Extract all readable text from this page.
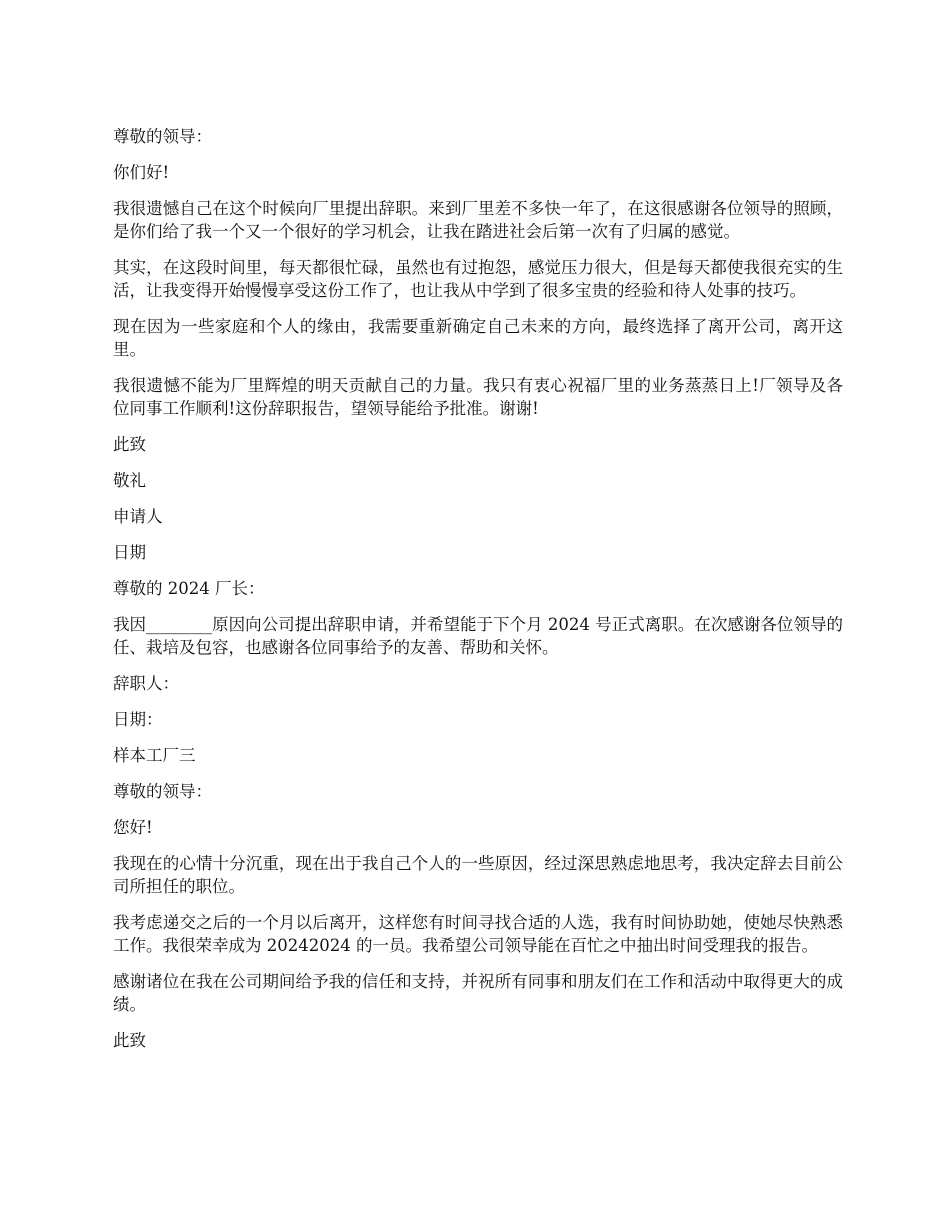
尊敬的领导：

你们好!

我很遗憾自己在这个时候向厂里提出辞职。来到厂里差不多快一年了，在这很感谢各位领导的照顾，是你们给了我一个又一个很好的学习机会，让我在踏进社会后第一次有了归属的感觉。

其实，在这段时间里，每天都很忙碌，虽然也有过抱怨，感觉压力很大，但是每天都使我很充实的生活，让我变得开始慢慢享受这份工作了，也让我从中学到了很多宝贵的经验和待人处事的技巧。

现在因为一些家庭和个人的缘由，我需要重新确定自己未来的方向，最终选择了离开公司，离开这里。

我很遗憾不能为厂里辉煌的明天贡献自己的力量。我只有衷心祝福厂里的业务蒸蒸日上!厂领导及各位同事工作顺利!这份辞职报告，望领导能给予批准。谢谢!

此致

敬礼

申请人

日期

尊敬的 2024 厂长：

我因________原因向公司提出辞职申请，并希望能于下个月 2024 号正式离职。在次感谢各位领导的任、栽培及包容，也感谢各位同事给予的友善、帮助和关怀。

辞职人：

日期：

样本工厂三

尊敬的领导：

您好!

我现在的心情十分沉重，现在出于我自己个人的一些原因，经过深思熟虑地思考，我决定辞去目前公司所担任的职位。

我考虑递交之后的一个月以后离开，这样您有时间寻找合适的人选，我有时间协助她，使她尽快熟悉工作。我很荣幸成为 20242024 的一员。我希望公司领导能在百忙之中抽出时间受理我的报告。

感谢诸位在我在公司期间给予我的信任和支持，并祝所有同事和朋友们在工作和活动中取得更大的成绩。

此致
